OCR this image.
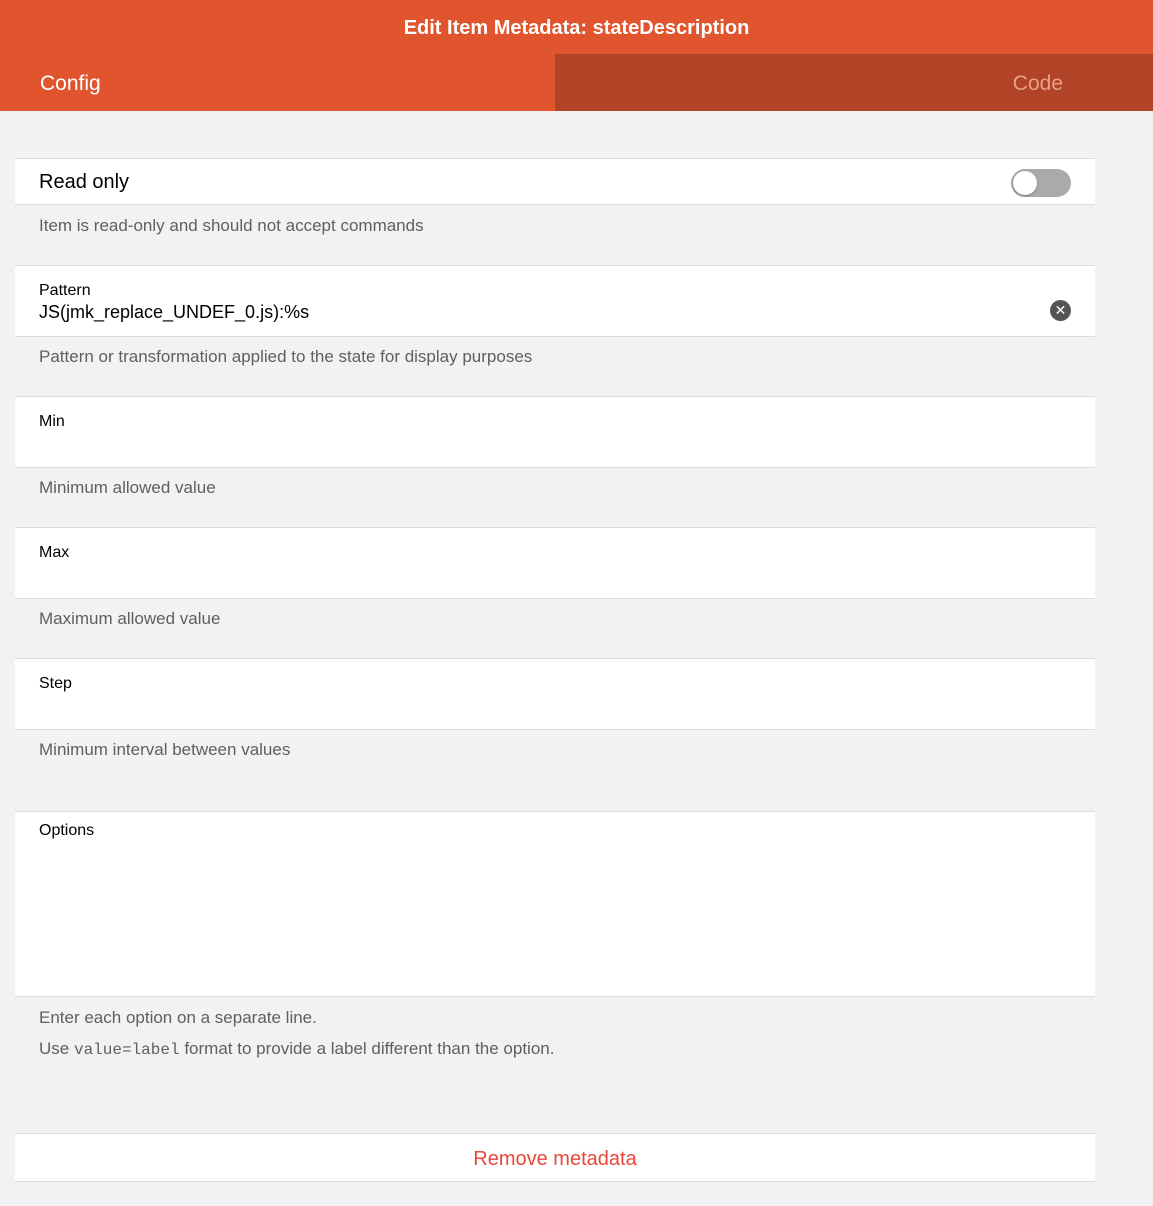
Edit Item Metadata: stateDescription
Config	Code
Read only
Item is read-only and should not accept commands
Pattern
JS(jmk_replace_UNDEF_0.js):%s	✕
Pattern or transformation applied to the state for display purposes
Min
Minimum allowed value
Max
Maximum allowed value
Step
Minimum interval between values
Options
Enter each option on a separate line.
Use value=label format to provide a label different than the option.
Remove metadata
